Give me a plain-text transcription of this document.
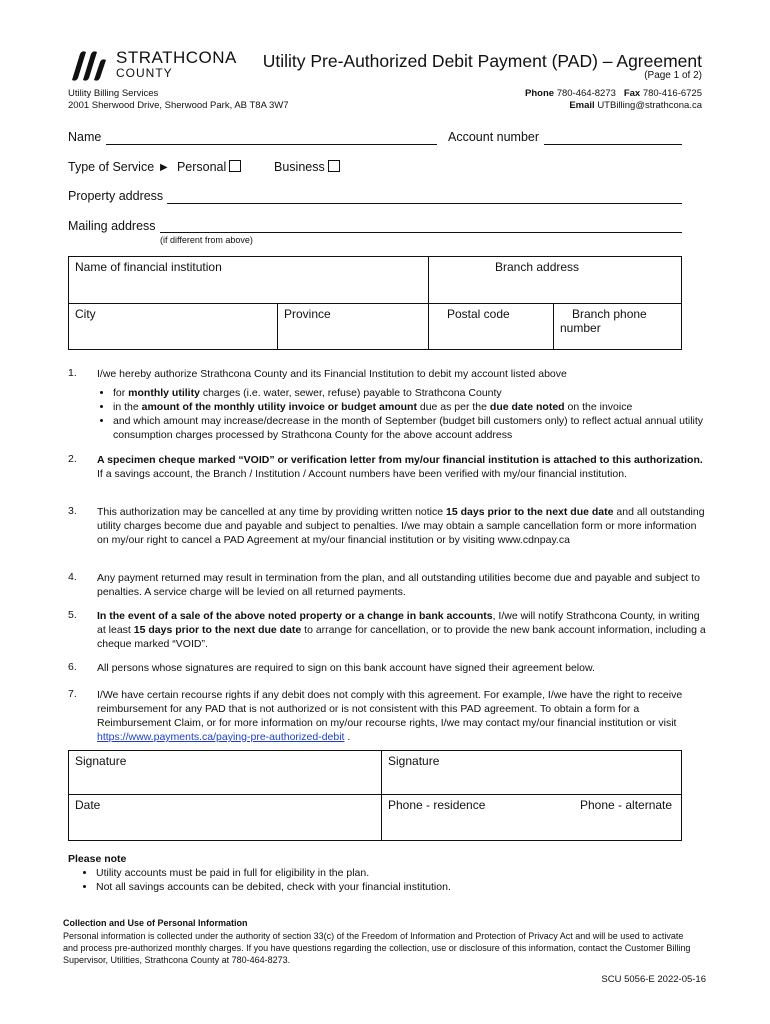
STRATHCONA
COUNTY
Utility Pre-Authorized Debit Payment (PAD) – Agreement
(Page 1 of 2)
Utility Billing Services
2001 Sherwood Drive, Sherwood Park, AB T8A 3W7
Phone 780-464-8273 Fax 780-416-6725
Email UTBilling@strathcona.ca
Name	Account number
Type of Service ► Personal	Business
Property address
Mailing address
(if different from above)
Name of financial institution		Branch address	
City	Province	Postal code	Branch phone number
1. I/we hereby authorize Strathcona County and its Financial Institution to debit my account listed above
• for monthly utility charges (i.e. water, sewer, refuse) payable to Strathcona County
• in the amount of the monthly utility invoice or budget amount due as per the due date noted on the invoice
• and which amount may increase/decrease in the month of September (budget bill customers only) to reflect actual annual utility consumption charges processed by Strathcona County for the above account address
2. A specimen cheque marked “VOID” or verification letter from my/our financial institution is attached to this authorization. If a savings account, the Branch / Institution / Account numbers have been verified with my/our financial institution.
3. This authorization may be cancelled at any time by providing written notice 15 days prior to the next due date and all outstanding utility charges become due and payable and subject to penalties. I/we may obtain a sample cancellation form or more information on my/our right to cancel a PAD Agreement at my/our financial institution or by visiting www.cdnpay.ca
4. Any payment returned may result in termination from the plan, and all outstanding utilities become due and payable and subject to penalties. A service charge will be levied on all returned payments.
5. In the event of a sale of the above noted property or a change in bank accounts, I/we will notify Strathcona County, in writing at least 15 days prior to the next due date to arrange for cancellation, or to provide the new bank account information, including a cheque marked “VOID”.
6. All persons whose signatures are required to sign on this bank account have signed their agreement below.
7. I/We have certain recourse rights if any debit does not comply with this agreement. For example, I/we have the right to receive reimbursement for any PAD that is not authorized or is not consistent with this PAD agreement. To obtain a form for a Reimbursement Claim, or for more information on my/our recourse rights, I/we may contact my/our financial institution or visit https://www.payments.ca/paying-pre-authorized-debit .
Signature	Signature	
Date	Phone - residence	Phone - alternate
Please note
• Utility accounts must be paid in full for eligibility in the plan.
• Not all savings accounts can be debited, check with your financial institution.
Collection and Use of Personal Information
Personal information is collected under the authority of section 33(c) of the Freedom of Information and Protection of Privacy Act and will be used to activate and process pre-authorized monthly charges. If you have questions regarding the collection, use or disclosure of this information, contact the Customer Billing Supervisor, Utilities, Strathcona County at 780-464-8273.
SCU 5056-E 2022-05-16
